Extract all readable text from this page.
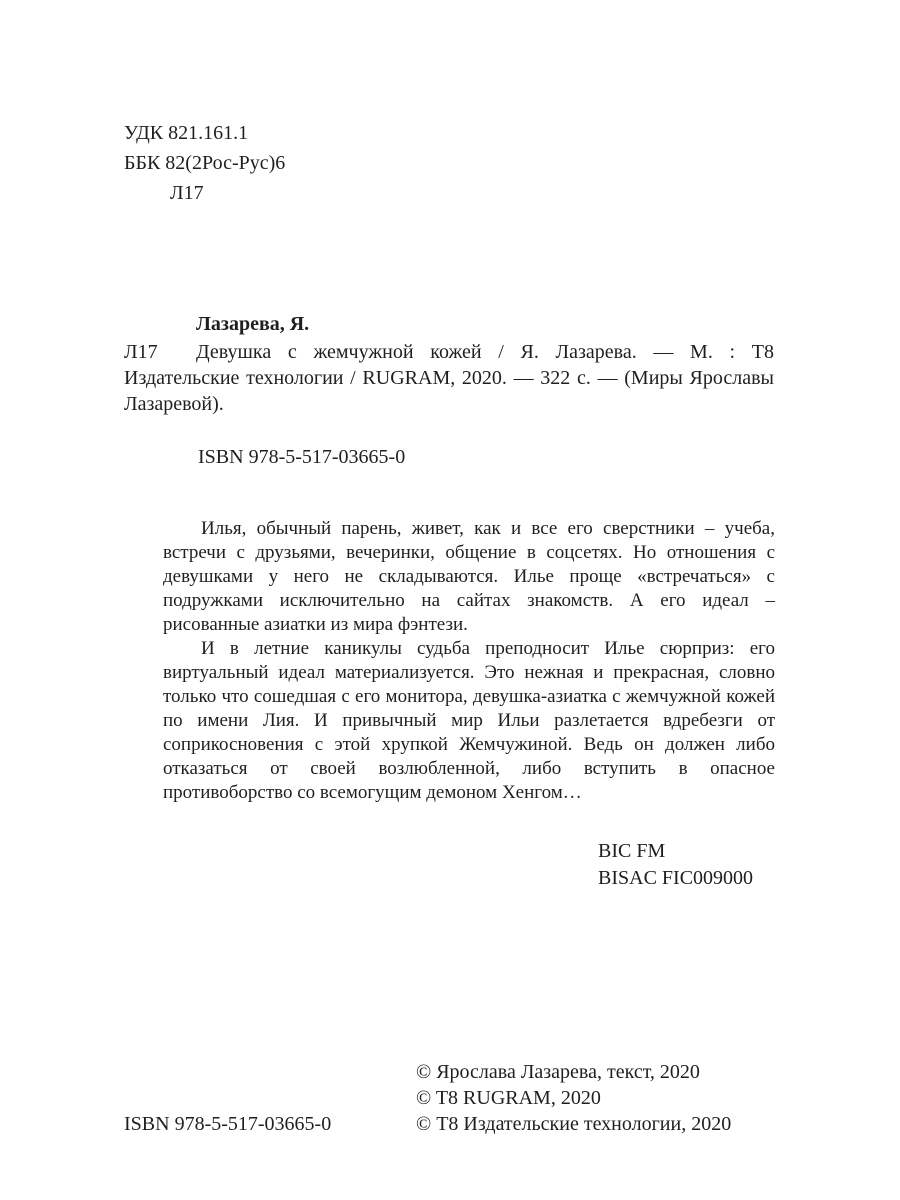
УДК 821.161.1
ББК 82(2Рос-Рус)6
Л17
Лазарева, Я.
Л17 Девушка с жемчужной кожей / Я. Лазарева. — М. : Т8 Издательские технологии / RUGRAM, 2020. — 322 с. — (Миры Ярославы Лазаревой).
ISBN 978-5-517-03665-0

Илья, обычный парень, живет, как и все его сверстники – учеба, встречи с друзьями, вечеринки, общение в соцсетях. Но отношения с девушками у него не складываются. Илье проще «встречаться» с подружками исключительно на сайтах знакомств. А его идеал – рисованные азиатки из мира фэнтези.

И в летние каникулы судьба преподносит Илье сюрприз: его виртуальный идеал материализуется. Это нежная и прекрасная, словно только что сошедшая с его монитора, девушка-азиатка с жемчужной кожей по имени Лия. И привычный мир Ильи разлетается вдребезги от соприкосновения с этой хрупкой Жемчужиной. Ведь он должен либо отказаться от своей возлюбленной, либо вступить в опасное противоборство со всемогущим демоном Хенгом…

BIC FM
BISAC FIC009000
ISBN 978-5-517-03665-0
© Ярослава Лазарева, текст, 2020
© T8 RUGRAM, 2020
© Т8 Издательские технологии, 2020
